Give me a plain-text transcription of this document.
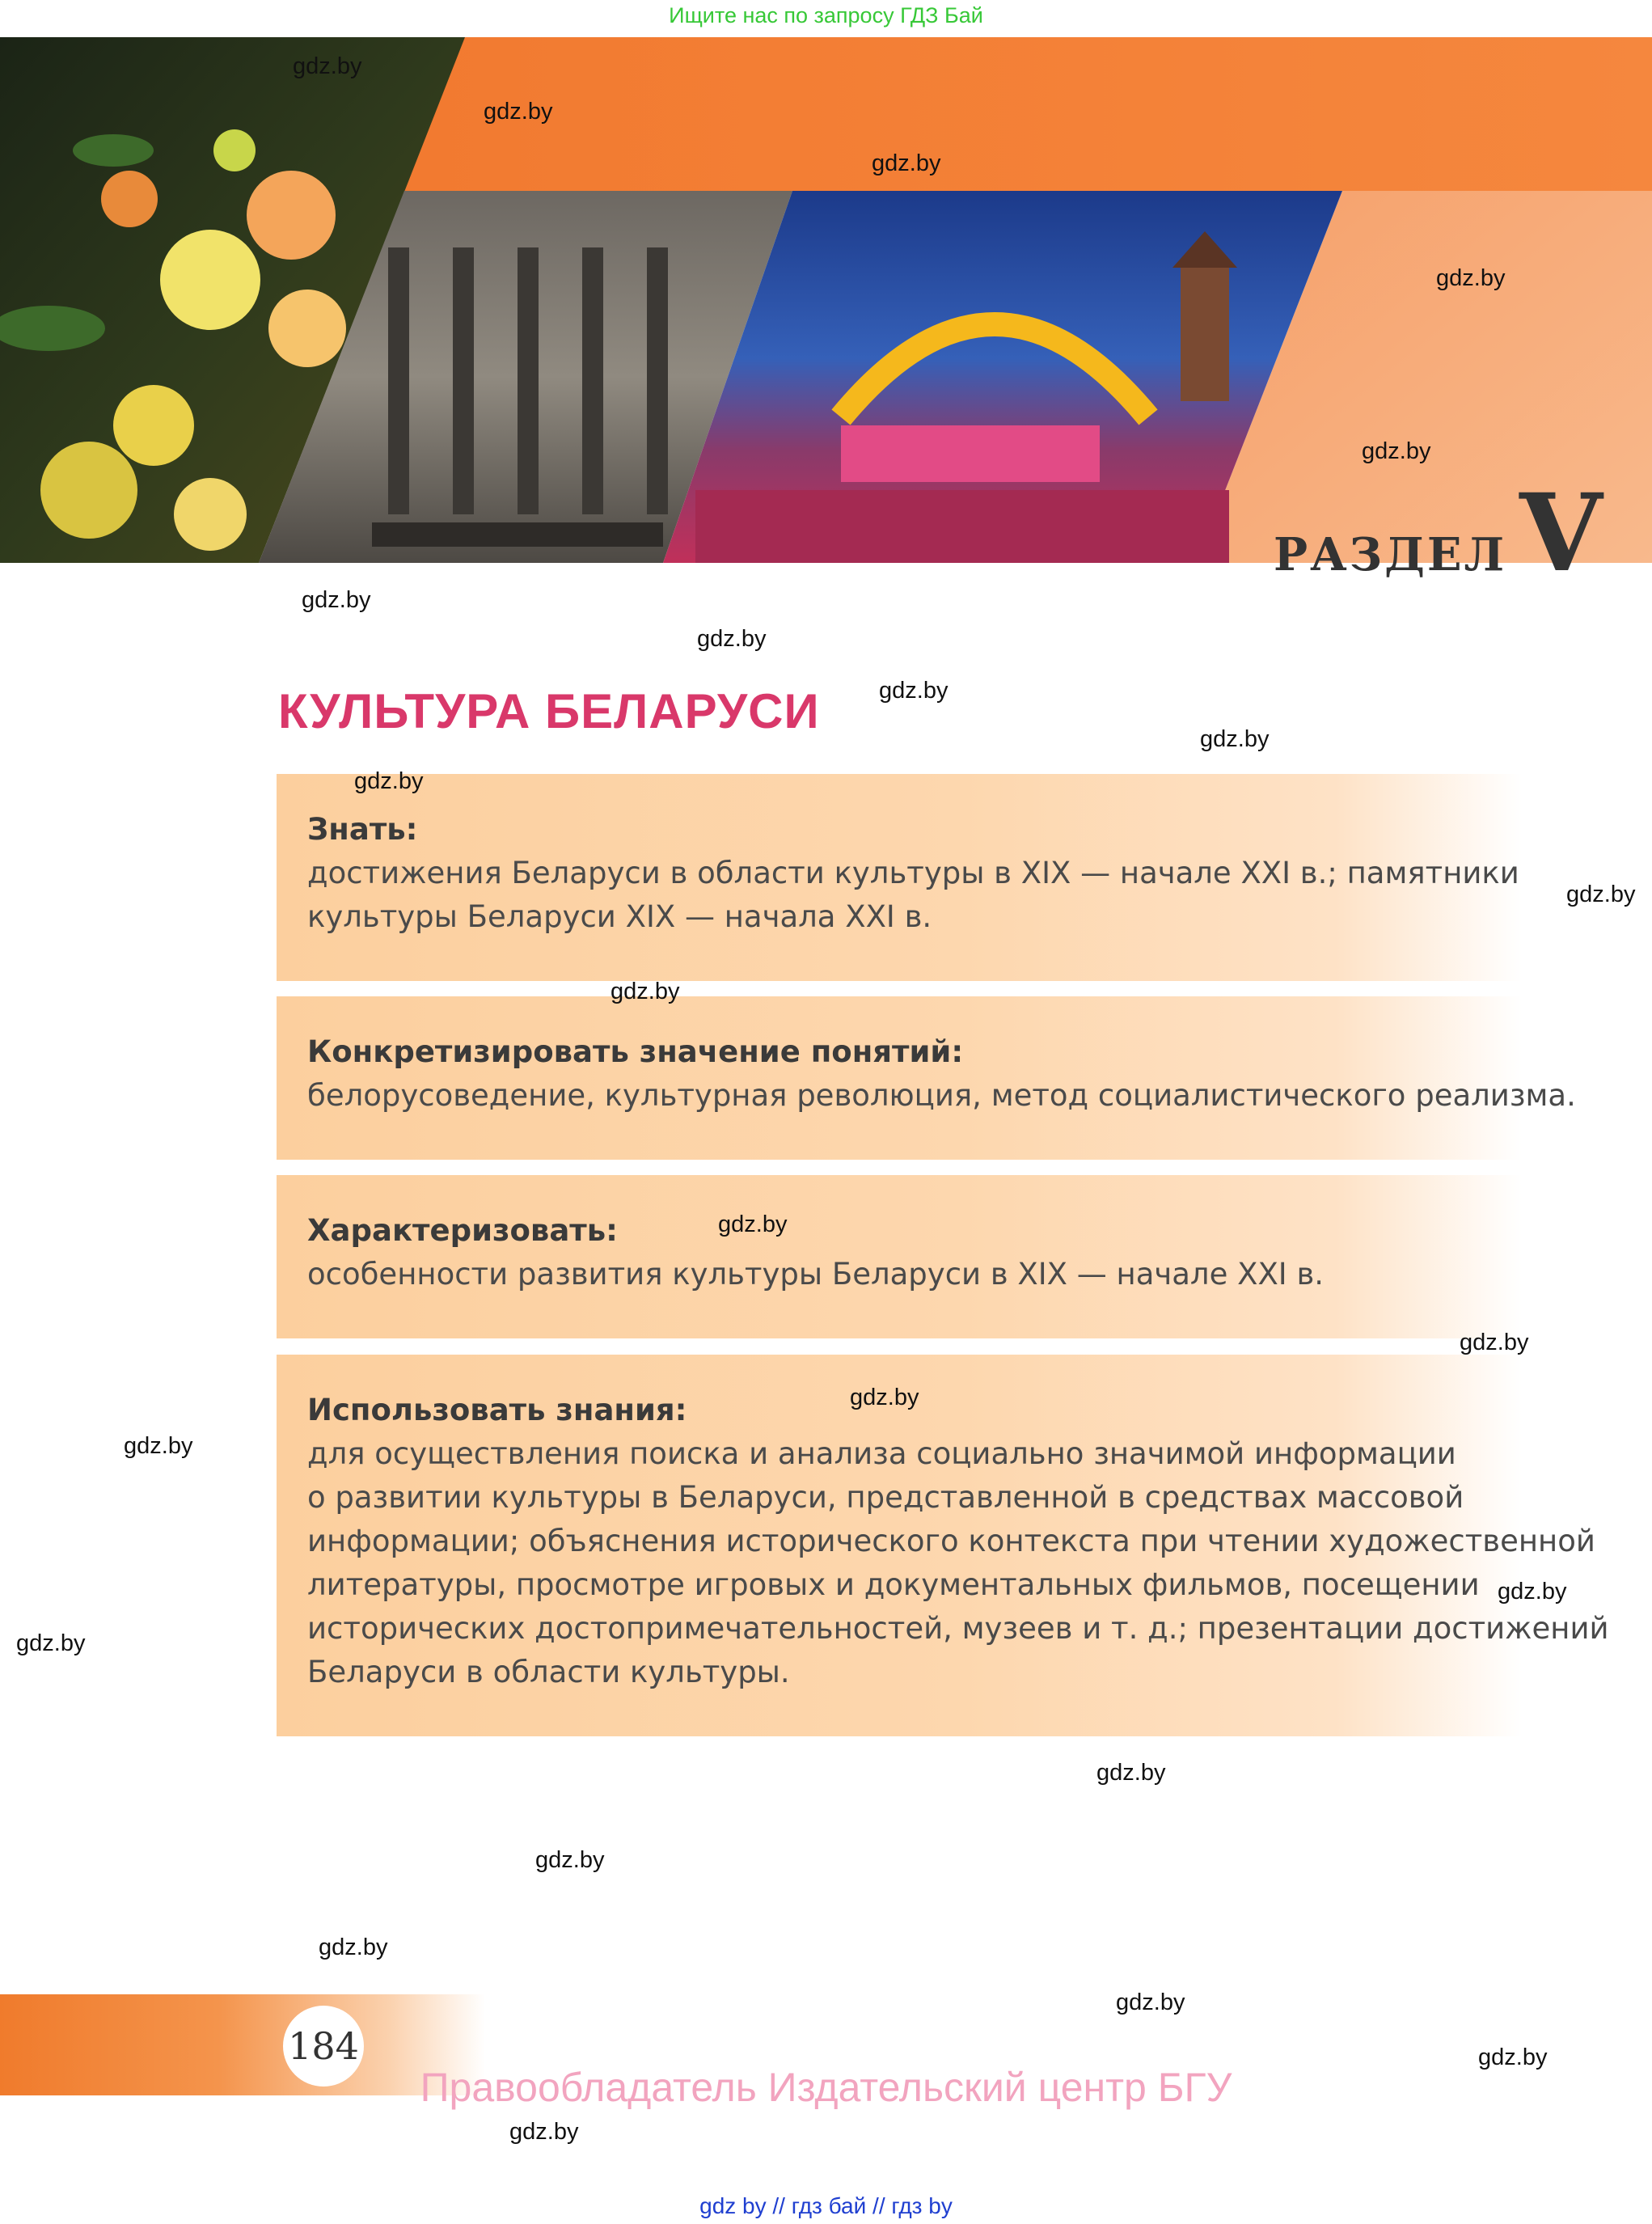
Ищите нас по запросу ГДЗ Бай
РАЗДЕЛ V
КУЛЬТУРА БЕЛАРУСИ
Знать:
достижения Беларуси в области культуры в XIX — начале XXI в.; памятники
культуры Беларуси XIX — начала XXI в.
Конкретизировать значение понятий:
белорусоведение, культурная революция, метод социалистического реализма.
Характеризовать:
особенности развития культуры Беларуси в XIX — начале XXI в.
Использовать знания:
для осуществления поиска и анализа социально значимой информации
о развитии культуры в Беларуси, представленной в средствах массовой
информации; объяснения исторического контекста при чтении художественной
литературы, просмотре игровых и документальных фильмов, посещении
исторических достопримечательностей, музеев и т. д.; презентации достижений
Беларуси в области культуры.
184
Правообладатель Издательский центр БГУ
gdz by // гдз бай // гдз by
gdz.by
gdz.by
gdz.by
gdz.by
gdz.by
gdz.by
gdz.by
gdz.by
gdz.by
gdz.by
gdz.by
gdz.by
gdz.by
gdz.by
gdz.by
gdz.by
gdz.by
gdz.by
gdz.by
gdz.by
gdz.by
gdz.by
gdz.by
gdz.by
